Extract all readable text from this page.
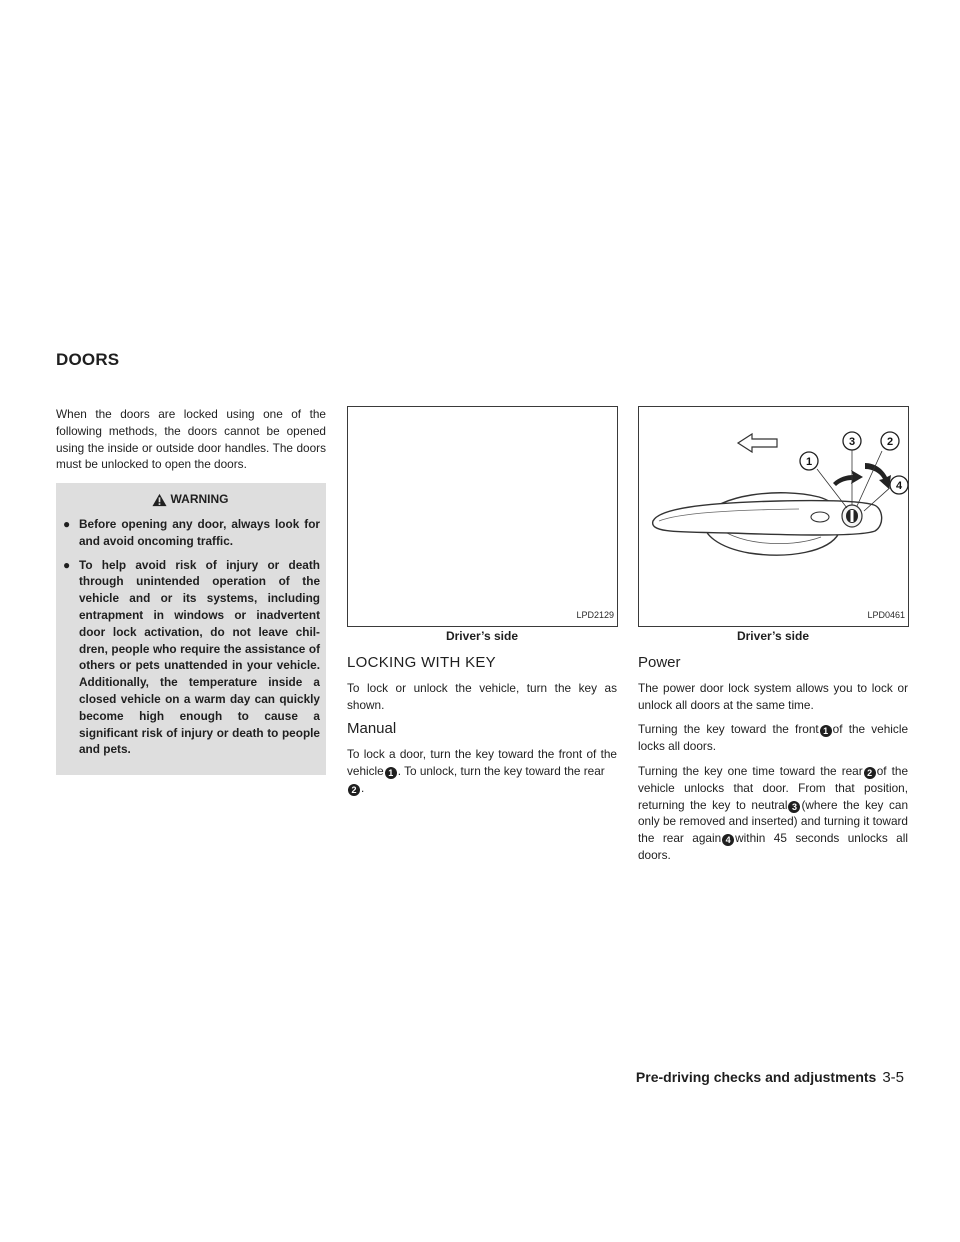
DOORS

When the doors are locked using one of the following methods, the doors cannot be opened using the inside or outside door handles. The doors must be unlocked to open the doors.

WARNING
● Before opening any door, always look for and avoid oncoming traffic.
● To help avoid risk of injury or death through unintended operation of the vehicle and or its systems, including entrapment in windows or inadvertent door lock activation, do not leave chil-dren, people who require the assistance of others or pets unattended in your vehicle. Additionally, the temperature inside a closed vehicle on a warm day can quickly become high enough to cause a significant risk of injury or death to people and pets.
LPD2129
Driver’s side
LOCKING WITH KEY

To lock or unlock the vehicle, turn the key as shown.

Manual

To lock a door, turn the key toward the front of the vehicle 1 . To unlock, turn the key toward the rear
2 .

1
3	2
4
LPD0461
Driver’s side
Power

The power door lock system allows you to lock or unlock all doors at the same time.

Turning the key toward the front 1 of the vehicle locks all doors.

Turning the key one time toward the rear 2 of the vehicle unlocks that door. From that position, returning the key to neutral 3 (where the key can only be removed and inserted) and turning it toward the rear again 4 within 45 seconds unlocks all doors.

Pre-driving checks and adjustments 3-5
